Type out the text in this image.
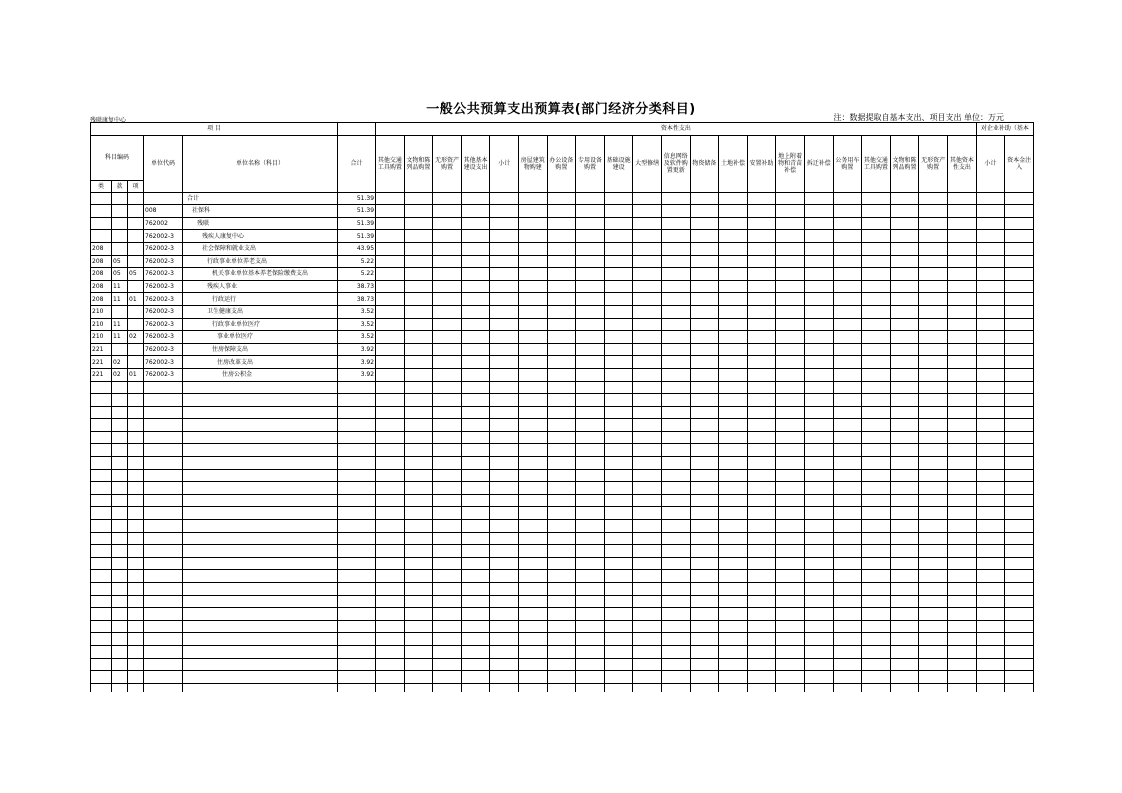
一般公共预算支出预算表(部门经济分类科目)
残联康复中心	注：数据提取自基本支出、项目支出 单位：万元
项 目						资本性支出																					对企业补助（基本	
科目编码			单位代码	单位名称（科目）	合计	其他交通工具购置	文物和陈列品购置	无形资产购置	其他基本建设支出	小计	房屋建筑物购建	办公设备购置	专用设备购置	基础设施建设	大型修缮	信息网络及软件购置更新	物资储备	土地补偿	安置补助	地上附着物和青苗补偿	拆迁补偿	公务用车购置	其他交通工具购置	文物和陈列品购置	无形资产购置	其他资本性支出	小计	资本金注入
类	款	项																										
				合计	51.39																							
			008	社保科	51.39																							
			762002	残联	51.39																							
			762002-3	残疾人康复中心	51.39																							
208			762002-3	社会保障和就业支出	43.95																							
208	05		762002-3	行政事业单位养老支出	5.22																							
208	05	05	762002-3	机关事业单位基本养老保险缴费支出	5.22																							
208	11		762002-3	残疾人事业	38.73																							
208	11	01	762002-3	行政运行	38.73																							
210			762002-3	卫生健康支出	3.52																							
210	11		762002-3	行政事业单位医疗	3.52																							
210	11	02	762002-3	事业单位医疗	3.52																							
221			762002-3	住房保障支出	3.92																							
221	02		762002-3	住房改革支出	3.92																							
221	02	01	762002-3	住房公积金	3.92																							
